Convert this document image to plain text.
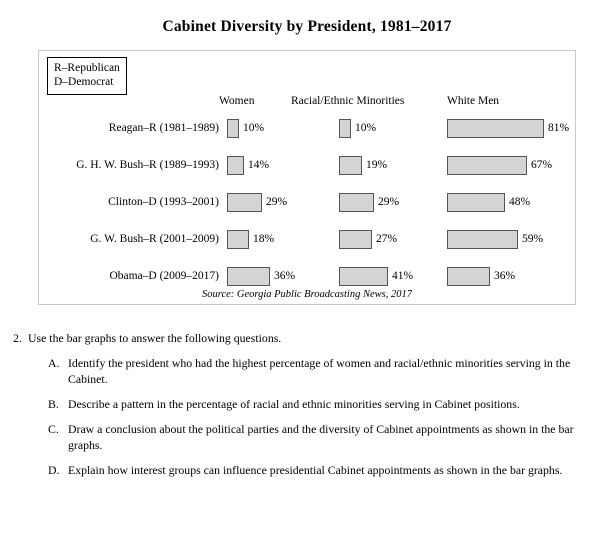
Cabinet Diversity by President, 1981–2017
R–Republican
D–Democrat
Women	Racial/Ethnic Minorities	White Men
Reagan–R (1981–1989) 10%	10%	81%
G. H. W. Bush–R (1989–1993)	14%	19%	67%
Clinton–D (1993–2001)	29%	29%	48%
G. W. Bush–R (2001–2009)	18%	27%	59%
Obama–D (2009–2017)	36%	41%	36%
Source: Georgia Public Broadcasting News, 2017
2. Use the bar graphs to answer the following questions.
A. Identify the president who had the highest percentage of women and racial/ethnic minorities serving in the Cabinet.
B. Describe a pattern in the percentage of racial and ethnic minorities serving in Cabinet positions.
C. Draw a conclusion about the political parties and the diversity of Cabinet appointments as shown in the bar graphs.
D. Explain how interest groups can influence presidential Cabinet appointments as shown in the bar graphs.
